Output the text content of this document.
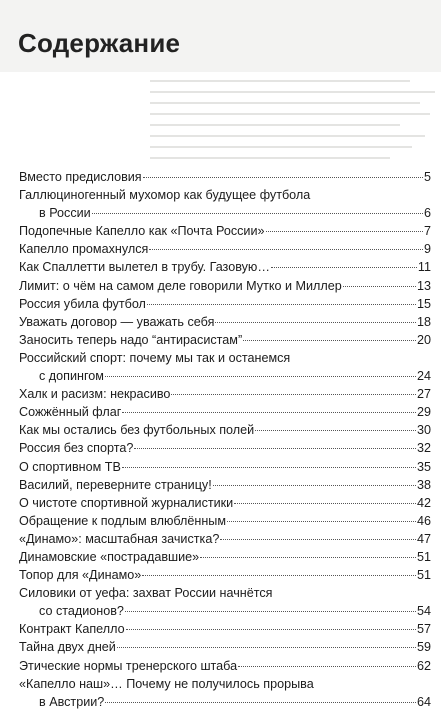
Содержание
Вместо предисловия	5
Галлюциногенный мухомор как будущее футбола
в России	6
Подопечные Капелло как «Почта России»	7
Капелло промахнулся	9
Как Спаллетти вылетел в трубу. Газовую…	11
Лимит: о чём на самом деле говорили Мутко и Миллер	13
Россия убила футбол	15
Уважать договор — уважать себя	18
Заносить теперь надо “антирасистам”	20
Российский спорт: почему мы так и останемся
с допингом	24
Халк и расизм: некрасиво	27
Сожжённый флаг	29
Как мы остались без футбольных полей	30
Россия без спорта?	32
О спортивном ТВ	35
Василий, переверните страницу!	38
О чистоте спортивной журналистики	42
Обращение к подлым влюблённым	46
«Динамо»: масштабная зачистка?	47
Динамовские «пострадавшие»	51
Топор для «Динамо»	51
Силовики от уефа: захват России начнётся
со стадионов?	54
Контракт Капелло	57
Тайна двух дней	59
Этические нормы тренерского штаба	62
«Капелло наш»… Почему не получилось прорыва
в Австрии?	64
